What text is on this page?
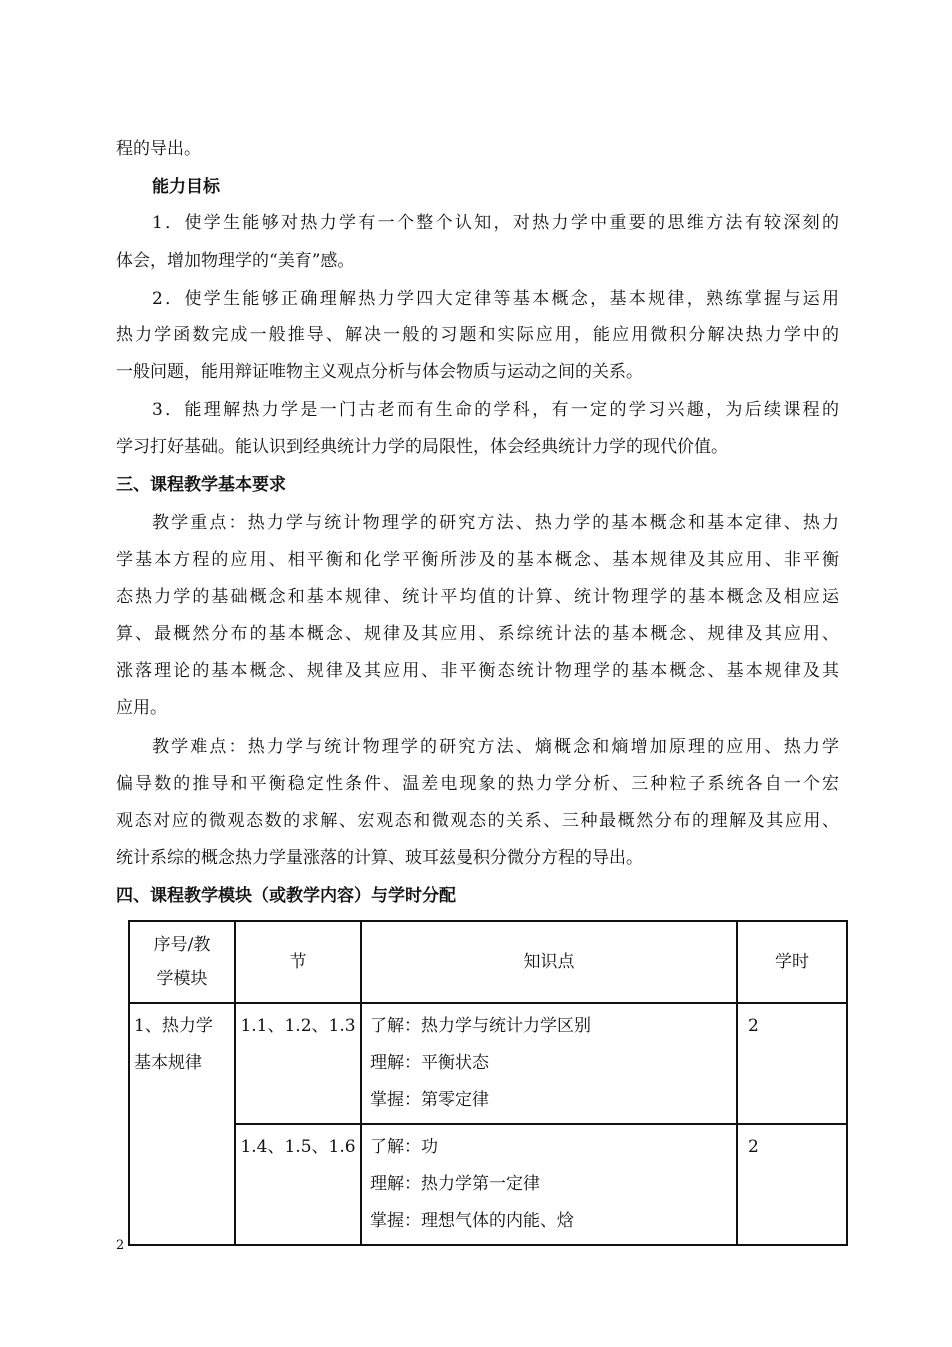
程的导出。
能力目标
1．使学生能够对热力学有一个整个认知，对热力学中重要的思维方法有较深刻的
体会，增加物理学的“美育”感。
2．使学生能够正确理解热力学四大定律等基本概念，基本规律，熟练掌握与运用
热力学函数完成一般推导、解决一般的习题和实际应用，能应用微积分解决热力学中的
一般问题，能用辩证唯物主义观点分析与体会物质与运动之间的关系。
3．能理解热力学是一门古老而有生命的学科，有一定的学习兴趣，为后续课程的
学习打好基础。能认识到经典统计力学的局限性，体会经典统计力学的现代价值。
三、课程教学基本要求
教学重点：热力学与统计物理学的研究方法、热力学的基本概念和基本定律、热力
学基本方程的应用、相平衡和化学平衡所涉及的基本概念、基本规律及其应用、非平衡
态热力学的基础概念和基本规律、统计平均值的计算、统计物理学的基本概念及相应运
算、最概然分布的基本概念、规律及其应用、系综统计法的基本概念、规律及其应用、
涨落理论的基本概念、规律及其应用、非平衡态统计物理学的基本概念、基本规律及其
应用。
教学难点：热力学与统计物理学的研究方法、熵概念和熵增加原理的应用、热力学
偏导数的推导和平衡稳定性条件、温差电现象的热力学分析、三种粒子系统各自一个宏
观态对应的微观态数的求解、宏观态和微观态的关系、三种最概然分布的理解及其应用、
统计系综的概念热力学量涨落的计算、玻耳兹曼积分微分方程的导出。
四、课程教学模块（或教学内容）与学时分配
序号/教
学模块	节	知识点	学时

1、热力学
基本规律	1.1、1.2、1.3	了解：热力学与统计力学区别
理解：平衡状态
掌握：第零定律	2
	1.4、1.5、1.6	了解：功
理解：热力学第一定律
掌握：理想气体的内能、焓	2
2
